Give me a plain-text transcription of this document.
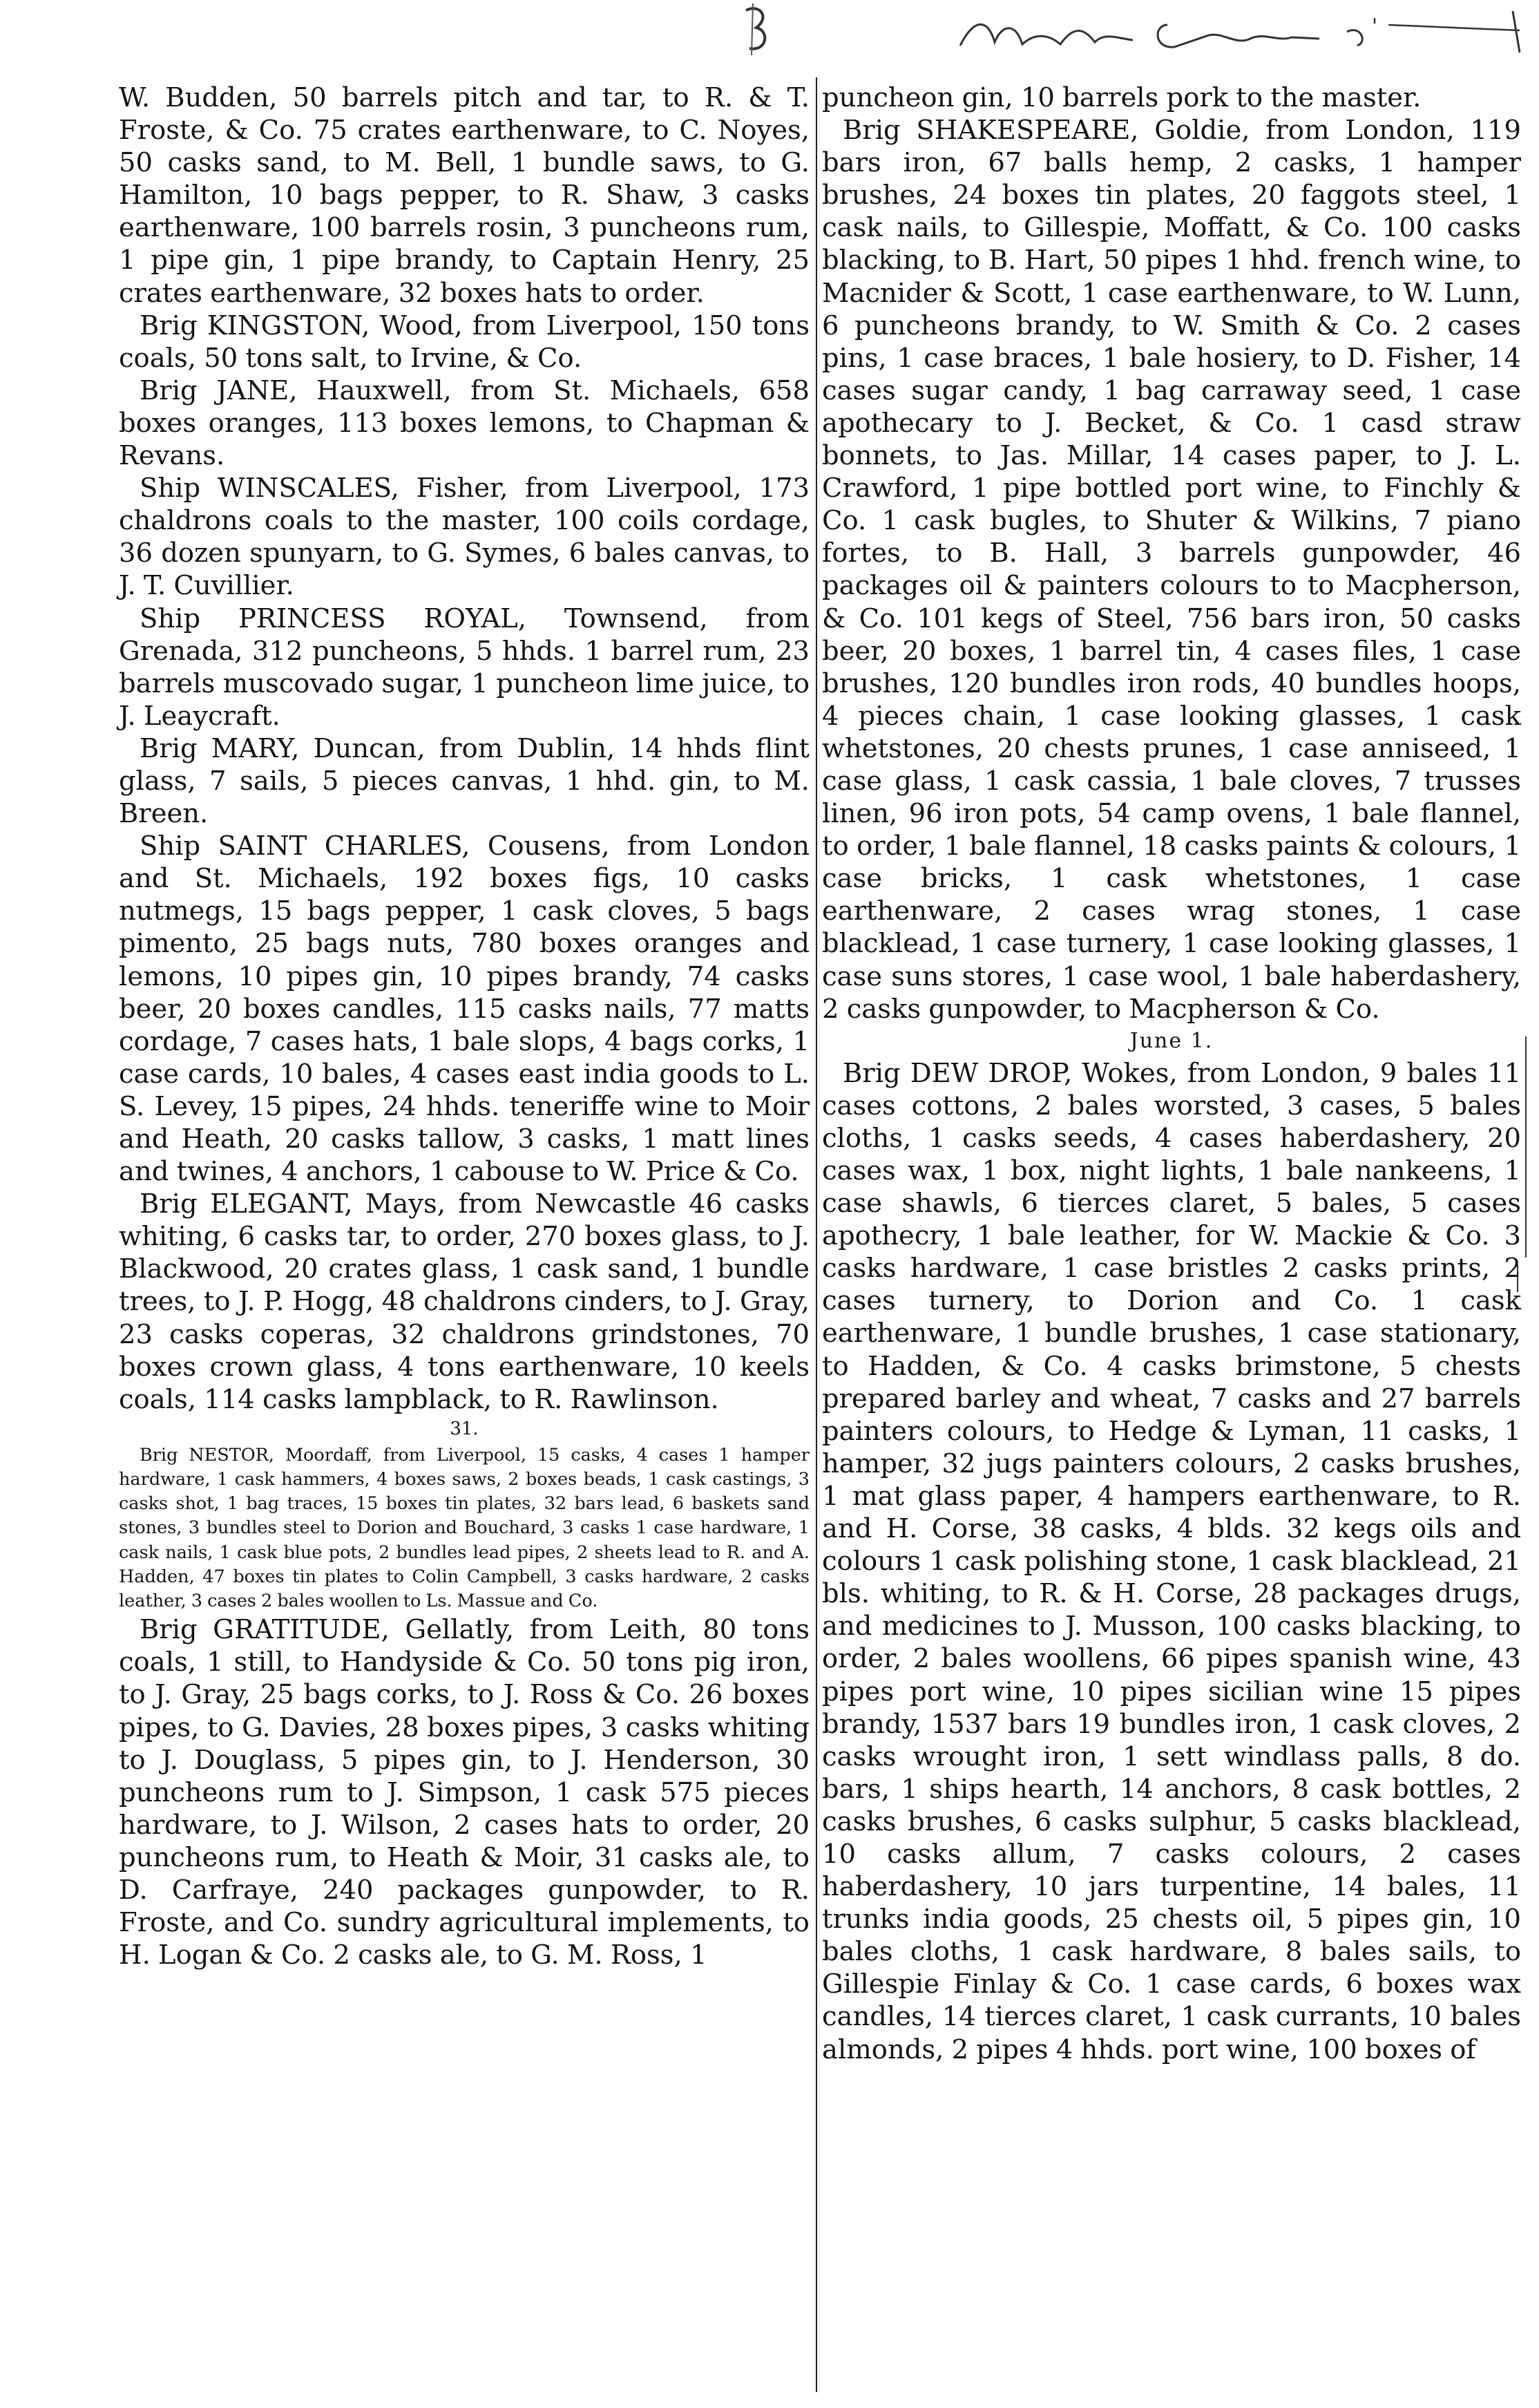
W. Budden, 50 barrels pitch and tar, to R. & T. Froste, & Co. 75 crates earthenware, to C. Noyes, 50 casks sand, to M. Bell, 1 bundle saws, to G. Hamilton, 10 bags pepper, to R. Shaw, 3 casks earthenware, 100 barrels rosin, 3 puncheons rum, 1 pipe gin, 1 pipe brandy, to Captain Henry, 25 crates earthenware, 32 boxes hats to order.

Brig KINGSTON, Wood, from Liverpool, 150 tons coals, 50 tons salt, to Irvine, & Co.

Brig JANE, Hauxwell, from St. Michaels, 658 boxes oranges, 113 boxes lemons, to Chapman & Revans.

Ship WINSCALES, Fisher, from Liverpool, 173 chaldrons coals to the master, 100 coils cordage, 36 dozen spunyarn, to G. Symes, 6 bales canvas, to J. T. Cuvillier.

Ship PRINCESS ROYAL, Townsend, from Grenada, 312 puncheons, 5 hhds. 1 barrel rum, 23 barrels muscovado sugar, 1 puncheon lime juice, to J. Leaycraft.

Brig MARY, Duncan, from Dublin, 14 hhds flint glass, 7 sails, 5 pieces canvas, 1 hhd. gin, to M. Breen.

Ship SAINT CHARLES, Cousens, from London and St. Michaels, 192 boxes figs, 10 casks nutmegs, 15 bags pepper, 1 cask cloves, 5 bags pimento, 25 bags nuts, 780 boxes oranges and lemons, 10 pipes gin, 10 pipes brandy, 74 casks beer, 20 boxes candles, 115 casks nails, 77 matts cordage, 7 cases hats, 1 bale slops, 4 bags corks, 1 case cards, 10 bales, 4 cases east india goods to L. S. Levey, 15 pipes, 24 hhds. teneriffe wine to Moir and Heath, 20 casks tallow, 3 casks, 1 matt lines and twines, 4 anchors, 1 cabouse to W. Price & Co.

Brig ELEGANT, Mays, from Newcastle 46 casks whiting, 6 casks tar, to order, 270 boxes glass, to J. Blackwood, 20 crates glass, 1 cask sand, 1 bundle trees, to J. P. Hogg, 48 chaldrons cinders, to J. Gray, 23 casks coperas, 32 chaldrons grindstones, 70 boxes crown glass, 4 tons earthenware, 10 keels coals, 114 casks lampblack, to R. Rawlinson.

31.

Brig NESTOR, Moordaff, from Liverpool, 15 casks, 4 cases 1 hamper hardware, 1 cask hammers, 4 boxes saws, 2 boxes beads, 1 cask castings, 3 casks shot, 1 bag traces, 15 boxes tin plates, 32 bars lead, 6 baskets sand stones, 3 bundles steel to Dorion and Bouchard, 3 casks 1 case hardware, 1 cask nails, 1 cask blue pots, 2 bundles lead pipes, 2 sheets lead to R. and A. Hadden, 47 boxes tin plates to Colin Campbell, 3 casks hardware, 2 casks leather, 3 cases 2 bales woollen to Ls. Massue and Co.

Brig GRATITUDE, Gellatly, from Leith, 80 tons coals, 1 still, to Handyside & Co. 50 tons pig iron, to J. Gray, 25 bags corks, to J. Ross & Co. 26 boxes pipes, to G. Davies, 28 boxes pipes, 3 casks whiting to J. Douglass, 5 pipes gin, to J. Henderson, 30 puncheons rum to J. Simpson, 1 cask 575 pieces hardware, to J. Wilson, 2 cases hats to order, 20 puncheons rum, to Heath & Moir, 31 casks ale, to D. Carfraye, 240 packages gunpowder, to R. Froste, and Co. sundry agricultural implements, to H. Logan & Co. 2 casks ale, to G. M. Ross, 1

puncheon gin, 10 barrels pork to the master.

Brig SHAKESPEARE, Goldie, from London, 119 bars iron, 67 balls hemp, 2 casks, 1 hamper brushes, 24 boxes tin plates, 20 faggots steel, 1 cask nails, to Gillespie, Moffatt, & Co. 100 casks blacking, to B. Hart, 50 pipes 1 hhd. french wine, to Macnider & Scott, 1 case earthenware, to W. Lunn, 6 puncheons brandy, to W. Smith & Co. 2 cases pins, 1 case braces, 1 bale hosiery, to D. Fisher, 14 cases sugar candy, 1 bag carraway seed, 1 case apothecary to J. Becket, & Co. 1 casd straw bonnets, to Jas. Millar, 14 cases paper, to J. L. Crawford, 1 pipe bottled port wine, to Finchly & Co. 1 cask bugles, to Shuter & Wilkins, 7 piano fortes, to B. Hall, 3 barrels gunpowder, 46 packages oil & painters colours to to Macpherson, & Co. 101 kegs of Steel, 756 bars iron, 50 casks beer, 20 boxes, 1 barrel tin, 4 cases files, 1 case brushes, 120 bundles iron rods, 40 bundles hoops, 4 pieces chain, 1 case looking glasses, 1 cask whetstones, 20 chests prunes, 1 case anniseed, 1 case glass, 1 cask cassia, 1 bale cloves, 7 trusses linen, 96 iron pots, 54 camp ovens, 1 bale flannel, to order, 1 bale flannel, 18 casks paints & colours, 1 case bricks, 1 cask whetstones, 1 case earthenware, 2 cases wrag stones, 1 case blacklead, 1 case turnery, 1 case looking glasses, 1 case suns stores, 1 case wool, 1 bale haberdashery, 2 casks gunpowder, to Macpherson & Co.

June 1.

Brig DEW DROP, Wokes, from London, 9 bales 11 cases cottons, 2 bales worsted, 3 cases, 5 bales cloths, 1 casks seeds, 4 cases haberdashery, 20 cases wax, 1 box, night lights, 1 bale nankeens, 1 case shawls, 6 tierces claret, 5 bales, 5 cases apothecry, 1 bale leather, for W. Mackie & Co. 3 casks hardware, 1 case bristles 2 casks prints, 2 cases turnery, to Dorion and Co. 1 cask earthenware, 1 bundle brushes, 1 case stationary, to Hadden, & Co. 4 casks brimstone, 5 chests prepared barley and wheat, 7 casks and 27 barrels painters colours, to Hedge & Lyman, 11 casks, 1 hamper, 32 jugs painters colours, 2 casks brushes, 1 mat glass paper, 4 hampers earthenware, to R. and H. Corse, 38 casks, 4 blds. 32 kegs oils and colours 1 cask polishing stone, 1 cask blacklead, 21 bls. whiting, to R. & H. Corse, 28 packages drugs, and medicines to J. Musson, 100 casks blacking, to order, 2 bales woollens, 66 pipes spanish wine, 43 pipes port wine, 10 pipes sicilian wine 15 pipes brandy, 1537 bars 19 bundles iron, 1 cask cloves, 2 casks wrought iron, 1 sett windlass palls, 8 do. bars, 1 ships hearth, 14 anchors, 8 cask bottles, 2 casks brushes, 6 casks sulphur, 5 casks blacklead, 10 casks allum, 7 casks colours, 2 cases haberdashery, 10 jars turpentine, 14 bales, 11 trunks india goods, 25 chests oil, 5 pipes gin, 10 bales cloths, 1 cask hardware, 8 bales sails, to Gillespie Finlay & Co. 1 case cards, 6 boxes wax candles, 14 tierces claret, 1 cask currants, 10 bales almonds, 2 pipes 4 hhds. port wine, 100 boxes of
